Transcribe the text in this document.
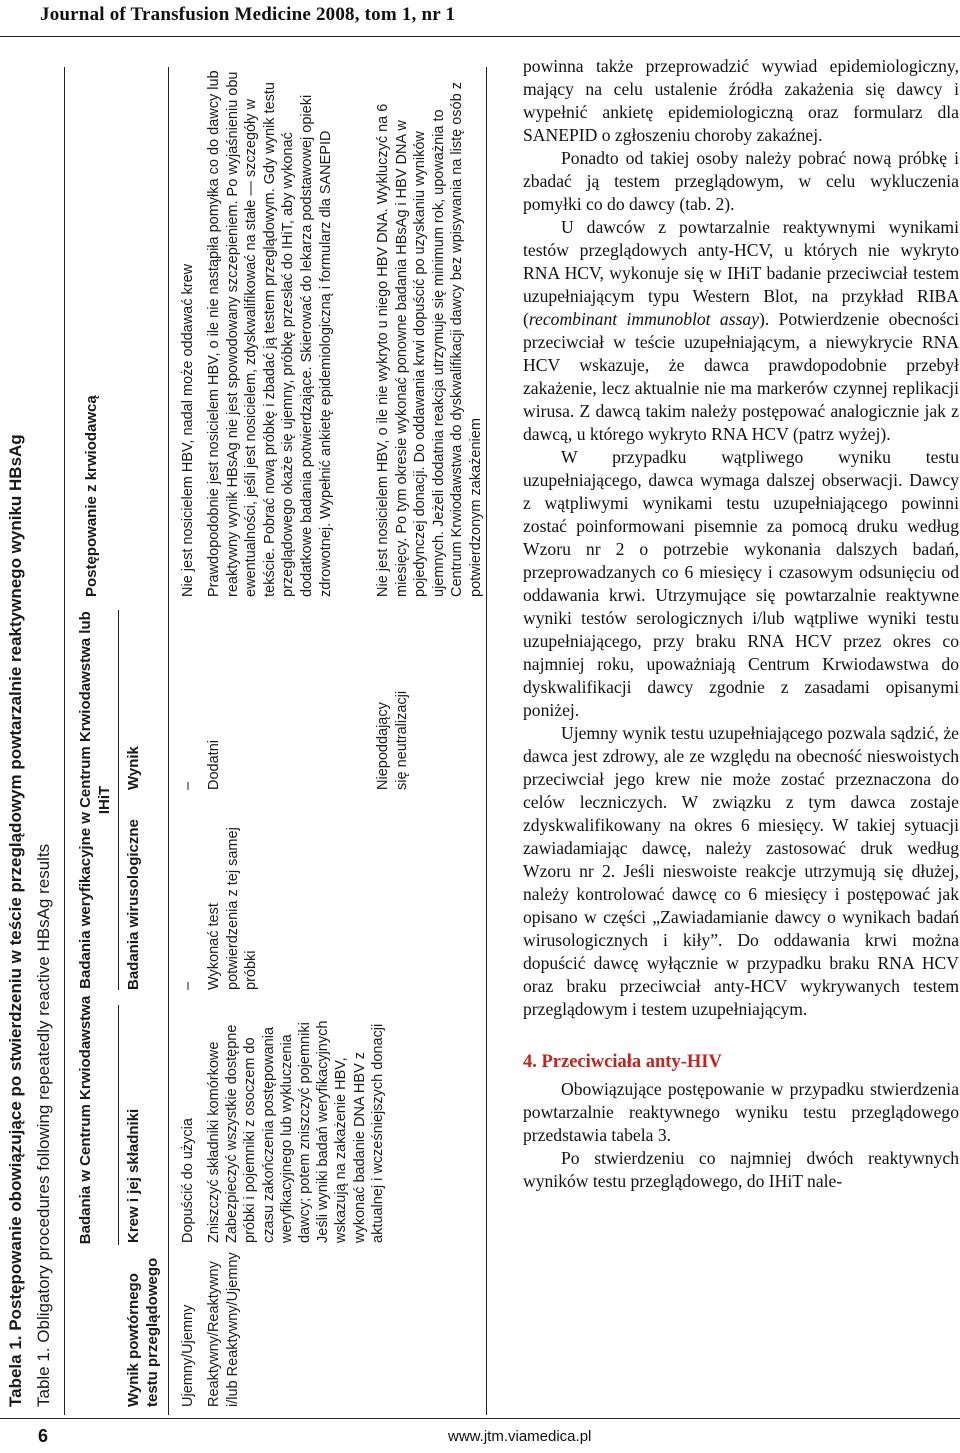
Journal of Transfusion Medicine 2008, tom 1, nr 1
Tabela 1. Postępowanie obowiązujące po stwierdzeniu w teście przeglądowym powtarzalnie reaktywnego wyniku HBsAg Table 1. Obligatory procedures following repeatedly reactive HBsAg results Badania w Centrum Krwiodawstwa
Badania weryfikacyjne w Centrum Krwiodawstwa lub IHiT
Wynik powtórnego testu przeglądowego
Krew i jej składniki
Badania wirusologiczne
Wynik
Postępowanie z krwiodawcą
Ujemny/Ujemny
Dopuścić do użycia
–
–
Nie jest nosicielem HBV, nadal może oddawać krew
Reaktywny/Reaktywny i/lub Reaktywny/Ujemny
Zniszczyć składniki komórkowe
Zabezpieczyć wszystkie dostępne próbki i pojemniki z osoczem do czasu zakończenia postępowania weryfikacyjnego lub wykluczenia dawcy; potem zniszczyć pojemniki
Jeśli wyniki badań weryfikacyjnych wskazują na zakażenie HBV, wykonać badanie DNA HBV z aktualnej i wcześniejszych donacji
Wykonać test potwierdzenia z tej samej próbki
Dodatni
Prawdopodobnie jest nosicielem HBV, o ile nie nastąpiła pomyłka co do dawcy lub reaktywny wynik HBsAg nie jest spowodowany szczepieniem. Po wyjaśnieniu obu ewentualności, jeśli jest nosicielem, zdyskwalifikować na stałe — szczegóły w tekście. Pobrać nową próbkę i zbadać ją testem przeglądowym. Gdy wynik testu przeglądowego okaże się ujemny, próbkę przesłać do IHiT, aby wykonać dodatkowe badania potwierdzające. Skierować do lekarza podstawowej opieki zdrowotnej. Wypełnić ankietę epidemiologiczną i formularz dla SANEPID
Niepoddający się neutralizacji
Nie jest nosicielem HBV, o ile nie wykryto u niego HBV DNA. Wykluczyć na 6 miesięcy. Po tym okresie wykonać ponowne badania HBsAg i HBV DNA w pojedynczej donacji. Do oddawania krwi dopuścić po uzyskaniu wyników ujemnych. Jeżeli dodatnia reakcja utrzymuje się minimum rok, upoważnia to Centrum Krwiodawstwa do dyskwalifikacji dawcy bez wpisywania na listę osób z potwierdzonym zakażeniem

powinna także przeprowadzić wywiad epidemiologiczny, mający na celu ustalenie źródła zakażenia się dawcy i wypełnić ankietę epidemiologiczną oraz formularz dla SANEPID o zgłoszeniu choroby zakaźnej.

Ponadto od takiej osoby należy pobrać nową próbkę i zbadać ją testem przeglądowym, w celu wykluczenia pomyłki co do dawcy (tab. 2).

U dawców z powtarzalnie reaktywnymi wynikami testów przeglądowych anty-HCV, u których nie wykryto RNA HCV, wykonuje się w IHiT badanie przeciwciał testem uzupełniającym typu Western Blot, na przykład RIBA (recombinant immunoblot assay). Potwierdzenie obecności przeciwciał w teście uzupełniającym, a niewykrycie RNA HCV wskazuje, że dawca prawdopodobnie przebył zakażenie, lecz aktualnie nie ma markerów czynnej replikacji wirusa. Z dawcą takim należy postępować analogicznie jak z dawcą, u którego wykryto RNA HCV (patrz wyżej).

W przypadku wątpliwego wyniku testu uzupełniającego, dawca wymaga dalszej obserwacji. Dawcy z wątpliwymi wynikami testu uzupełniającego powinni zostać poinformowani pisemnie za pomocą druku według Wzoru nr 2 o potrzebie wykonania dalszych badań, przeprowadzanych co 6 miesięcy i czasowym odsunięciu od oddawania krwi. Utrzymujące się powtarzalnie reaktywne wyniki testów serologicznych i/lub wątpliwe wyniki testu uzupełniającego, przy braku RNA HCV przez okres co najmniej roku, upoważniają Centrum Krwiodawstwa do dyskwalifikacji dawcy zgodnie z zasadami opisanymi poniżej.

Ujemny wynik testu uzupełniającego pozwala sądzić, że dawca jest zdrowy, ale ze względu na obecność nieswoistych przeciwciał jego krew nie może zostać przeznaczona do celów leczniczych. W związku z tym dawca zostaje zdyskwalifikowany na okres 6 miesięcy. W takiej sytuacji zawiadamiając dawcę, należy zastosować druk według Wzoru nr 2. Jeśli nieswoiste reakcje utrzymują się dłużej, należy kontrolować dawcę co 6 miesięcy i postępować jak opisano w części „Zawiadamianie dawcy o wynikach badań wirusologicznych i kiły”. Do oddawania krwi można dopuścić dawcę wyłącznie w przypadku braku RNA HCV oraz braku przeciwciał anty-HCV wykrywanych testem przeglądowym i testem uzupełniającym.

4. Przeciwciała anty-HIV

Obowiązujące postępowanie w przypadku stwierdzenia powtarzalnie reaktywnego wyniku testu przeglądowego przedstawia tabela 3.

Po stwierdzeniu co najmniej dwóch reaktywnych wyników testu przeglądowego, do IHiT nale-

6	www.jtm.viamedica.pl
